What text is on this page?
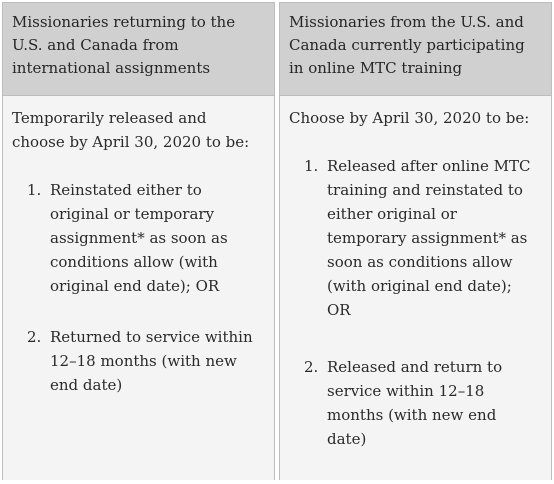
Missionaries returning to the U.S. and Canada from international assignments

Temporarily released and choose by April 30, 2020 to be:

1. Reinstated either to original or temporary assignment* as soon as conditions allow (with original end date); OR
2. Returned to service within 12–18 months (with new end date)
Missionaries from the U.S. and Canada currently participating in online MTC training

Choose by April 30, 2020 to be:

1. Released after online MTC training and reinstated to either original or temporary assignment* as soon as conditions allow (with original end date); OR
2. Released and return to service within 12–18 months (with new end date)
